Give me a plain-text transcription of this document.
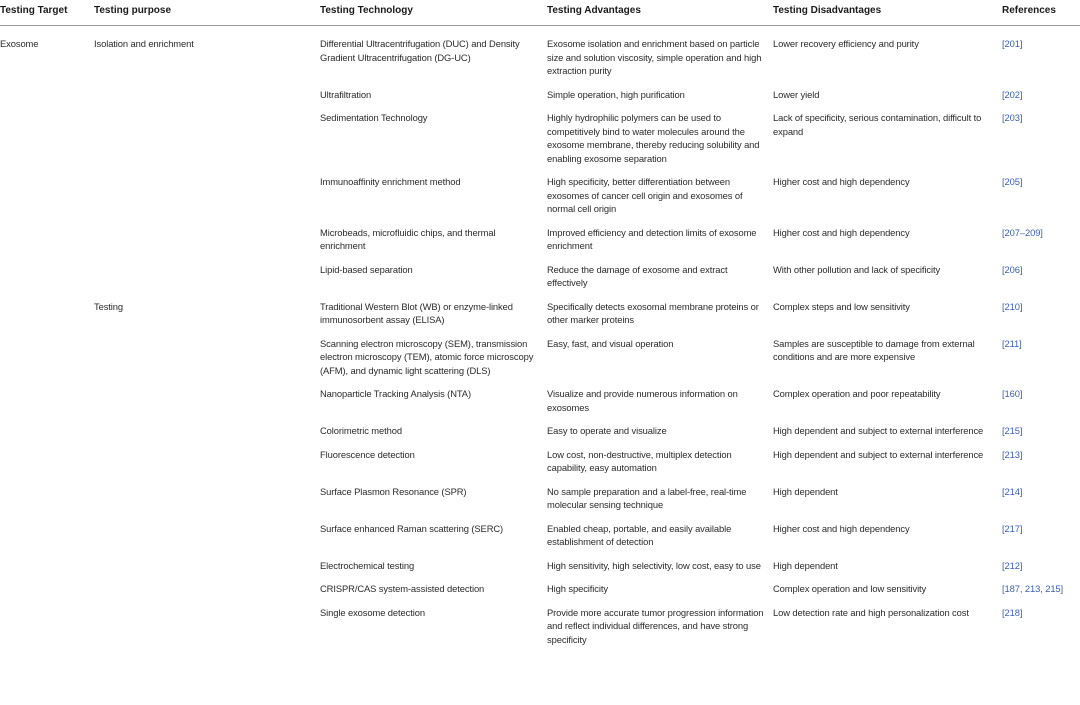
Testing Target	Testing purpose	Testing Technology	Testing Advantages	Testing Disadvantages	References
Exosome	Isolation and enrichment	Differential Ultracentrifugation (DUC) and Density Gradient Ultracentrifugation (DG-UC)	Exosome isolation and enrichment based on particle size and solution viscosity, simple operation and high extraction purity	Lower recovery efficiency and purity	[201]
		Ultrafiltration	Simple operation, high purification	Lower yield	[202]
		Sedimentation Technology	Highly hydrophilic polymers can be used to competitively bind to water molecules around the exosome membrane, thereby reducing solubility and enabling exosome separation	Lack of specificity, serious contamination, difficult to expand	[203]
		Immunoaffinity enrichment method	High specificity, better differentiation between exosomes of cancer cell origin and exosomes of normal cell origin	Higher cost and high dependency	[205]
		Microbeads, microfluidic chips, and thermal enrichment	Improved efficiency and detection limits of exosome enrichment	Higher cost and high dependency	[207–209]
		Lipid-based separation	Reduce the damage of exosome and extract effectively	With other pollution and lack of specificity	[206]
	Testing	Traditional Western Blot (WB) or enzyme-linked immunosorbent assay (ELISA)	Specifically detects exosomal membrane proteins or other marker proteins	Complex steps and low sensitivity	[210]
		Scanning electron microscopy (SEM), transmission electron microscopy (TEM), atomic force microscopy (AFM), and dynamic light scattering (DLS)	Easy, fast, and visual operation	Samples are susceptible to damage from external conditions and are more expensive	[211]
		Nanoparticle Tracking Analysis (NTA)	Visualize and provide numerous information on exosomes	Complex operation and poor repeatability	[160]
		Colorimetric method	Easy to operate and visualize	High dependent and subject to external interference	[215]
		Fluorescence detection	Low cost, non-destructive, multiplex detection capability, easy automation	High dependent and subject to external interference	[213]
		Surface Plasmon Resonance (SPR)	No sample preparation and a label-free, real-time molecular sensing technique	High dependent	[214]
		Surface enhanced Raman scattering (SERC)	Enabled cheap, portable, and easily available establishment of detection	Higher cost and high dependency	[217]
		Electrochemical testing	High sensitivity, high selectivity, low cost, easy to use	High dependent	[212]
		CRISPR/CAS system-assisted detection	High specificity	Complex operation and low sensitivity	[187, 213, 215]
		Single exosome detection	Provide more accurate tumor progression information and reflect individual differences, and have strong specificity	Low detection rate and high personalization cost	[218]
